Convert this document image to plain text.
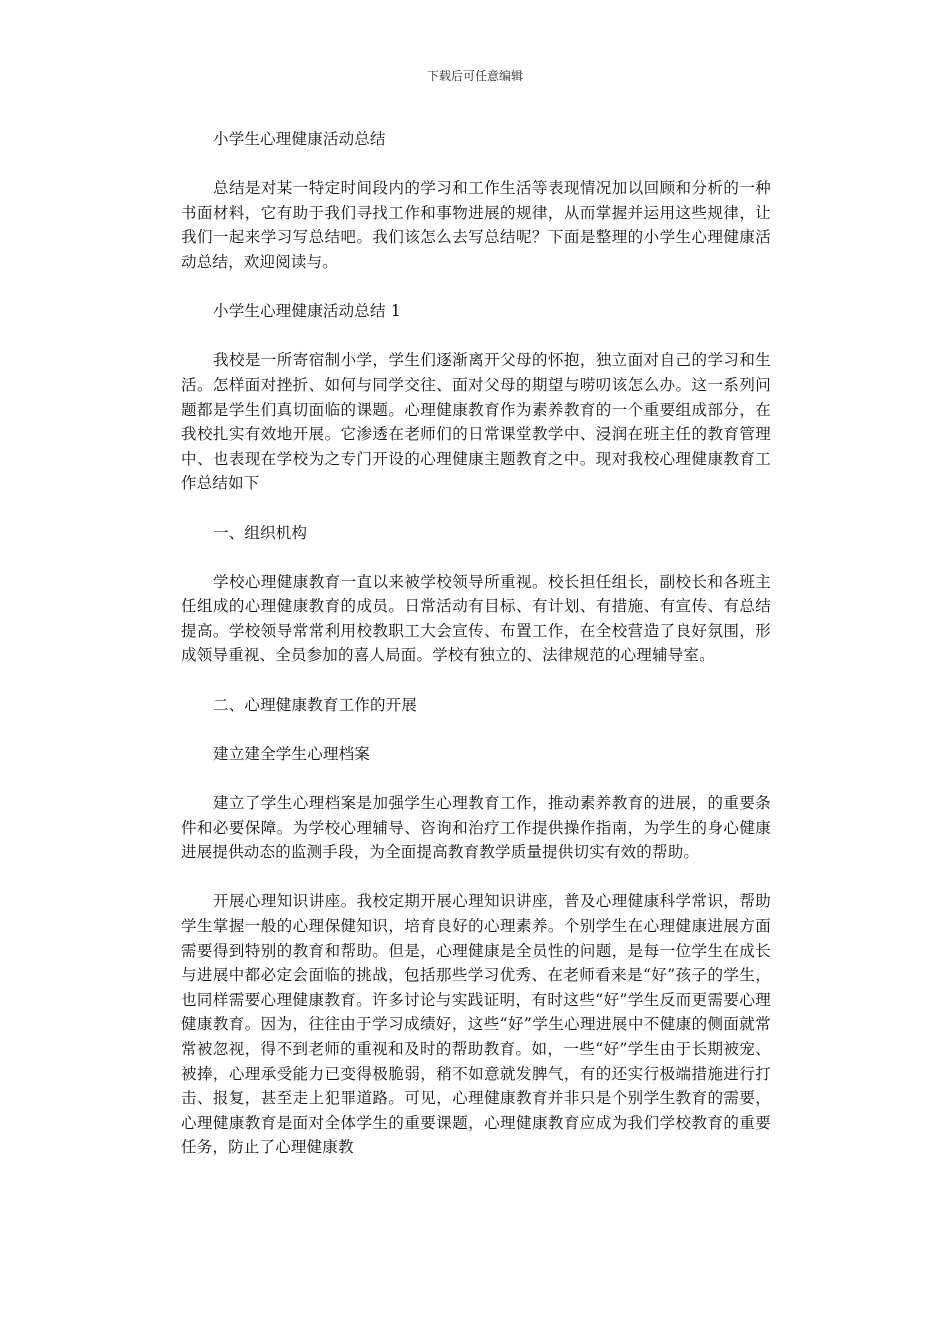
下载后可任意编辑

小学生心理健康活动总结

总结是对某一特定时间段内的学习和工作生活等表现情况加以回顾和分析的一种书面材料，它有助于我们寻找工作和事物进展的规律，从而掌握并运用这些规律，让我们一起来学习写总结吧。我们该怎么去写总结呢？下面是整理的小学生心理健康活动总结，欢迎阅读与。

小学生心理健康活动总结 1

我校是一所寄宿制小学，学生们逐渐离开父母的怀抱，独立面对自己的学习和生活。怎样面对挫折、如何与同学交往、面对父母的期望与唠叨该怎么办。这一系列问题都是学生们真切面临的课题。心理健康教育作为素养教育的一个重要组成部分，在我校扎实有效地开展。它渗透在老师们的日常课堂教学中、浸润在班主任的教育管理中、也表现在学校为之专门开设的心理健康主题教育之中。现对我校心理健康教育工作总结如下

一、组织机构

学校心理健康教育一直以来被学校领导所重视。校长担任组长，副校长和各班主任组成的心理健康教育的成员。日常活动有目标、有计划、有措施、有宣传、有总结提高。学校领导常常利用校教职工大会宣传、布置工作，在全校营造了良好氛围，形成领导重视、全员参加的喜人局面。学校有独立的、法律规范的心理辅导室。

二、心理健康教育工作的开展

建立建全学生心理档案

建立了学生心理档案是加强学生心理教育工作，推动素养教育的进展，的重要条件和必要保障。为学校心理辅导、咨询和治疗工作提供操作指南，为学生的身心健康进展提供动态的监测手段，为全面提高教育教学质量提供切实有效的帮助。

开展心理知识讲座。我校定期开展心理知识讲座，普及心理健康科学常识，帮助学生掌握一般的心理保健知识，培育良好的心理素养。个别学生在心理健康进展方面需要得到特别的教育和帮助。但是，心理健康是全员性的问题，是每一位学生在成长与进展中都必定会面临的挑战，包括那些学习优秀、在老师看来是“好”孩子的学生，也同样需要心理健康教育。许多讨论与实践证明，有时这些“好”学生反而更需要心理健康教育。因为，往往由于学习成绩好，这些“好”学生心理进展中不健康的侧面就常常被忽视，得不到老师的重视和及时的帮助教育。如，一些“好”学生由于长期被宠、被捧，心理承受能力已变得极脆弱，稍不如意就发脾气，有的还实行极端措施进行打击、报复，甚至走上犯罪道路。可见，心理健康教育并非只是个别学生教育的需要，心理健康教育是面对全体学生的重要课题，心理健康教育应成为我们学校教育的重要任务，防止了心理健康教
